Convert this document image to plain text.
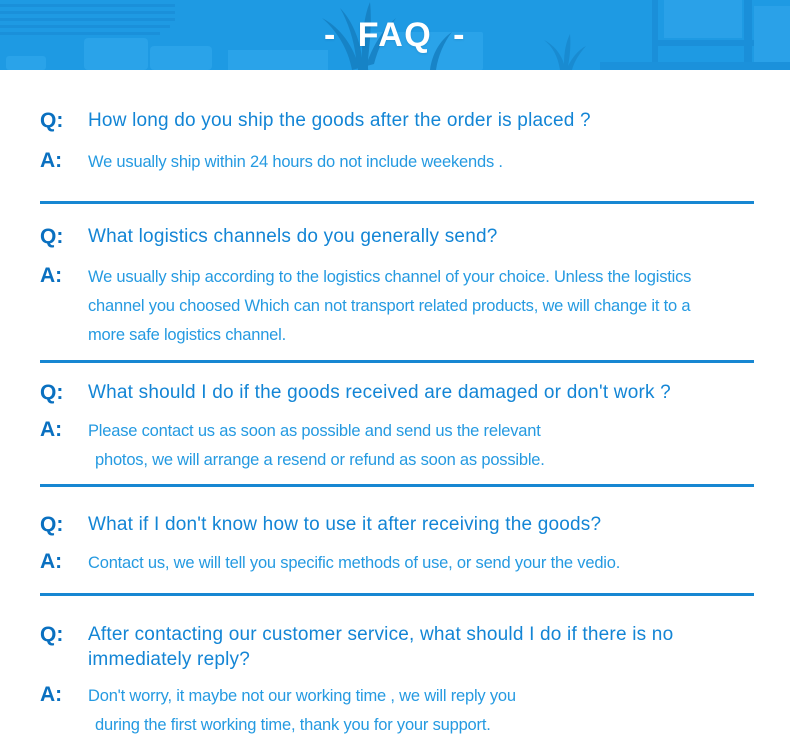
- FAQ -
Q:	How long do you ship the goods after the order is placed ?
A:	We usually ship within 24 hours do not include weekends .
Q:	What logistics channels do you generally send?
A:	We usually ship according to the logistics channel of your choice. Unless the logistics
channel you choosed Which can not transport related products, we will change it to a
more safe logistics channel.
Q:	What should I do if the goods received are damaged or don't work ?
A:	Please contact us as soon as possible and send us the relevant
photos, we will arrange a resend or refund as soon as possible.
Q:	What if I don't know how to use it after receiving the goods?
A:	Contact us, we will tell you specific methods of use, or send your the vedio.
Q:	After contacting our customer service, what should I do if there is no
immediately reply?
A:	Don't worry, it maybe not our working time , we will reply you
during the first working time, thank you for your support.
